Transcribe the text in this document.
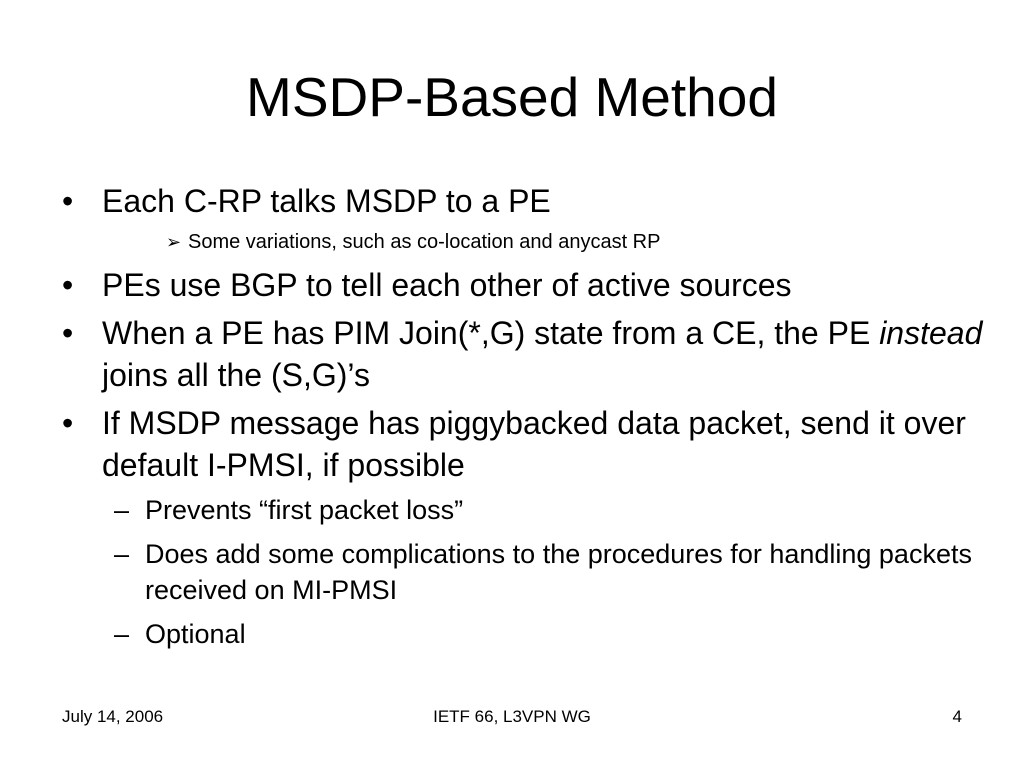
MSDP-Based Method
• Each C-RP talks MSDP to a PE
➢ Some variations, such as co-location and anycast RP
• PEs use BGP to tell each other of active sources
• When a PE has PIM Join(*,G) state from a CE, the PE instead joins all the (S,G)’s
• If MSDP message has piggybacked data packet, send it over default I-PMSI, if possible
– Prevents “first packet loss”
– Does add some complications to the procedures for handling packets received on MI-PMSI
– Optional
July 14, 2006	IETF 66, L3VPN WG	4
